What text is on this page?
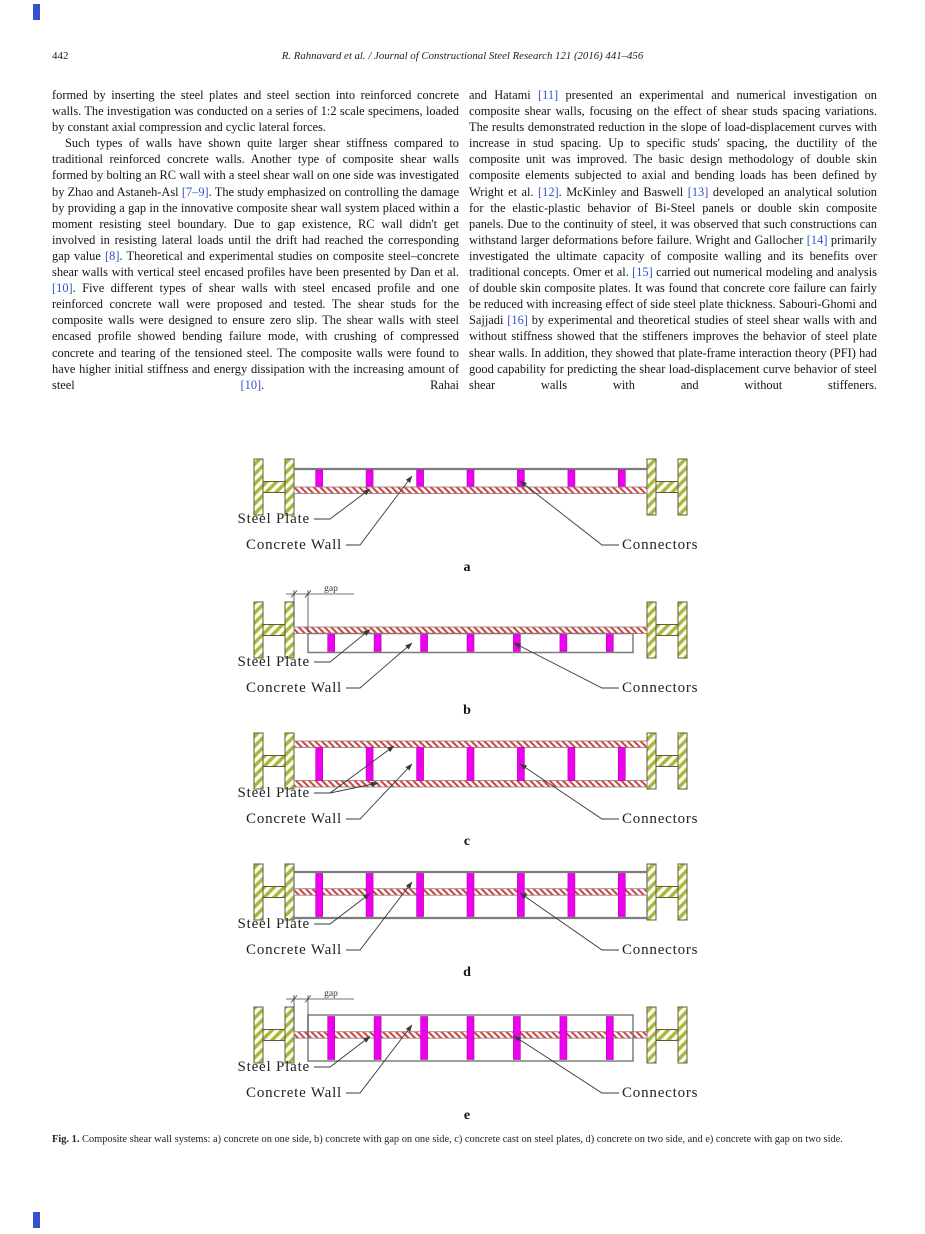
442	R. Rahnavard et al. / Journal of Constructional Steel Research 121 (2016) 441–456

formed by inserting the steel plates and steel section into reinforced concrete walls. The investigation was conducted on a series of 1:2 scale specimens, loaded by constant axial compression and cyclic lateral forces.

Such types of walls have shown quite larger shear stiffness compared to traditional reinforced concrete walls. Another type of composite shear walls formed by bolting an RC wall with a steel shear wall on one side was investigated by Zhao and Astaneh-Asl [7–9]. The study emphasized on controlling the damage by providing a gap in the innovative composite shear wall system placed within a moment resisting steel boundary. Due to gap existence, RC wall didn't get involved in resisting lateral loads until the drift had reached the corresponding gap value [8]. Theoretical and experimental studies on composite steel–concrete shear walls with vertical steel encased profiles have been presented by Dan et al. [10]. Five different types of shear walls with steel encased profile and one reinforced concrete wall were proposed and tested. The shear studs for the composite walls were designed to ensure zero slip. The shear walls with steel encased profile showed bending failure mode, with crushing of compressed concrete and tearing of the tensioned steel. The composite walls were found to have higher initial stiffness and energy dissipation with the increasing amount of steel [10]. Rahai

and Hatami [11] presented an experimental and numerical investigation on composite shear walls, focusing on the effect of shear studs spacing variations. The results demonstrated reduction in the slope of load-displacement curves with increase in stud spacing. Up to specific studs' spacing, the ductility of the composite unit was improved. The basic design methodology of double skin composite elements subjected to axial and bending loads has been defined by Wright et al. [12]. McKinley and Baswell [13] developed an analytical solution for the elastic-plastic behavior of Bi-Steel panels or double skin composite panels. Due to the continuity of steel, it was observed that such constructions can withstand larger deformations before failure. Wright and Gallocher [14] primarily investigated the ultimate capacity of composite walling and its benefits over traditional concepts. Omer et al. [15] carried out numerical modeling and analysis of double skin composite plates. It was found that concrete core failure can fairly be reduced with increasing effect of side steel plate thickness. Sabouri-Ghomi and Sajjadi [16] by experimental and theoretical studies of steel shear walls with and without stiffness showed that the stiffeners improves the behavior of steel plate shear walls. In addition, they showed that plate-frame interaction theory (PFI) had good capability for predicting the shear load-displacement curve behavior of steel shear walls with and without stiffeners.

Steel Plate
Concrete Wall	Connectors
a
Steel Plate
Concrete Wall	Connectors
b
gap
Steel Plate
Concrete Wall	Connectors
c
Steel Plate
Concrete Wall	Connectors
d
Steel Plate
Concrete Wall	Connectors
e
gap
Fig. 1. Composite shear wall systems: a) concrete on one side, b) concrete with gap on one side, c) concrete cast on steel plates, d) concrete on two side, and e) concrete with gap on two side.
